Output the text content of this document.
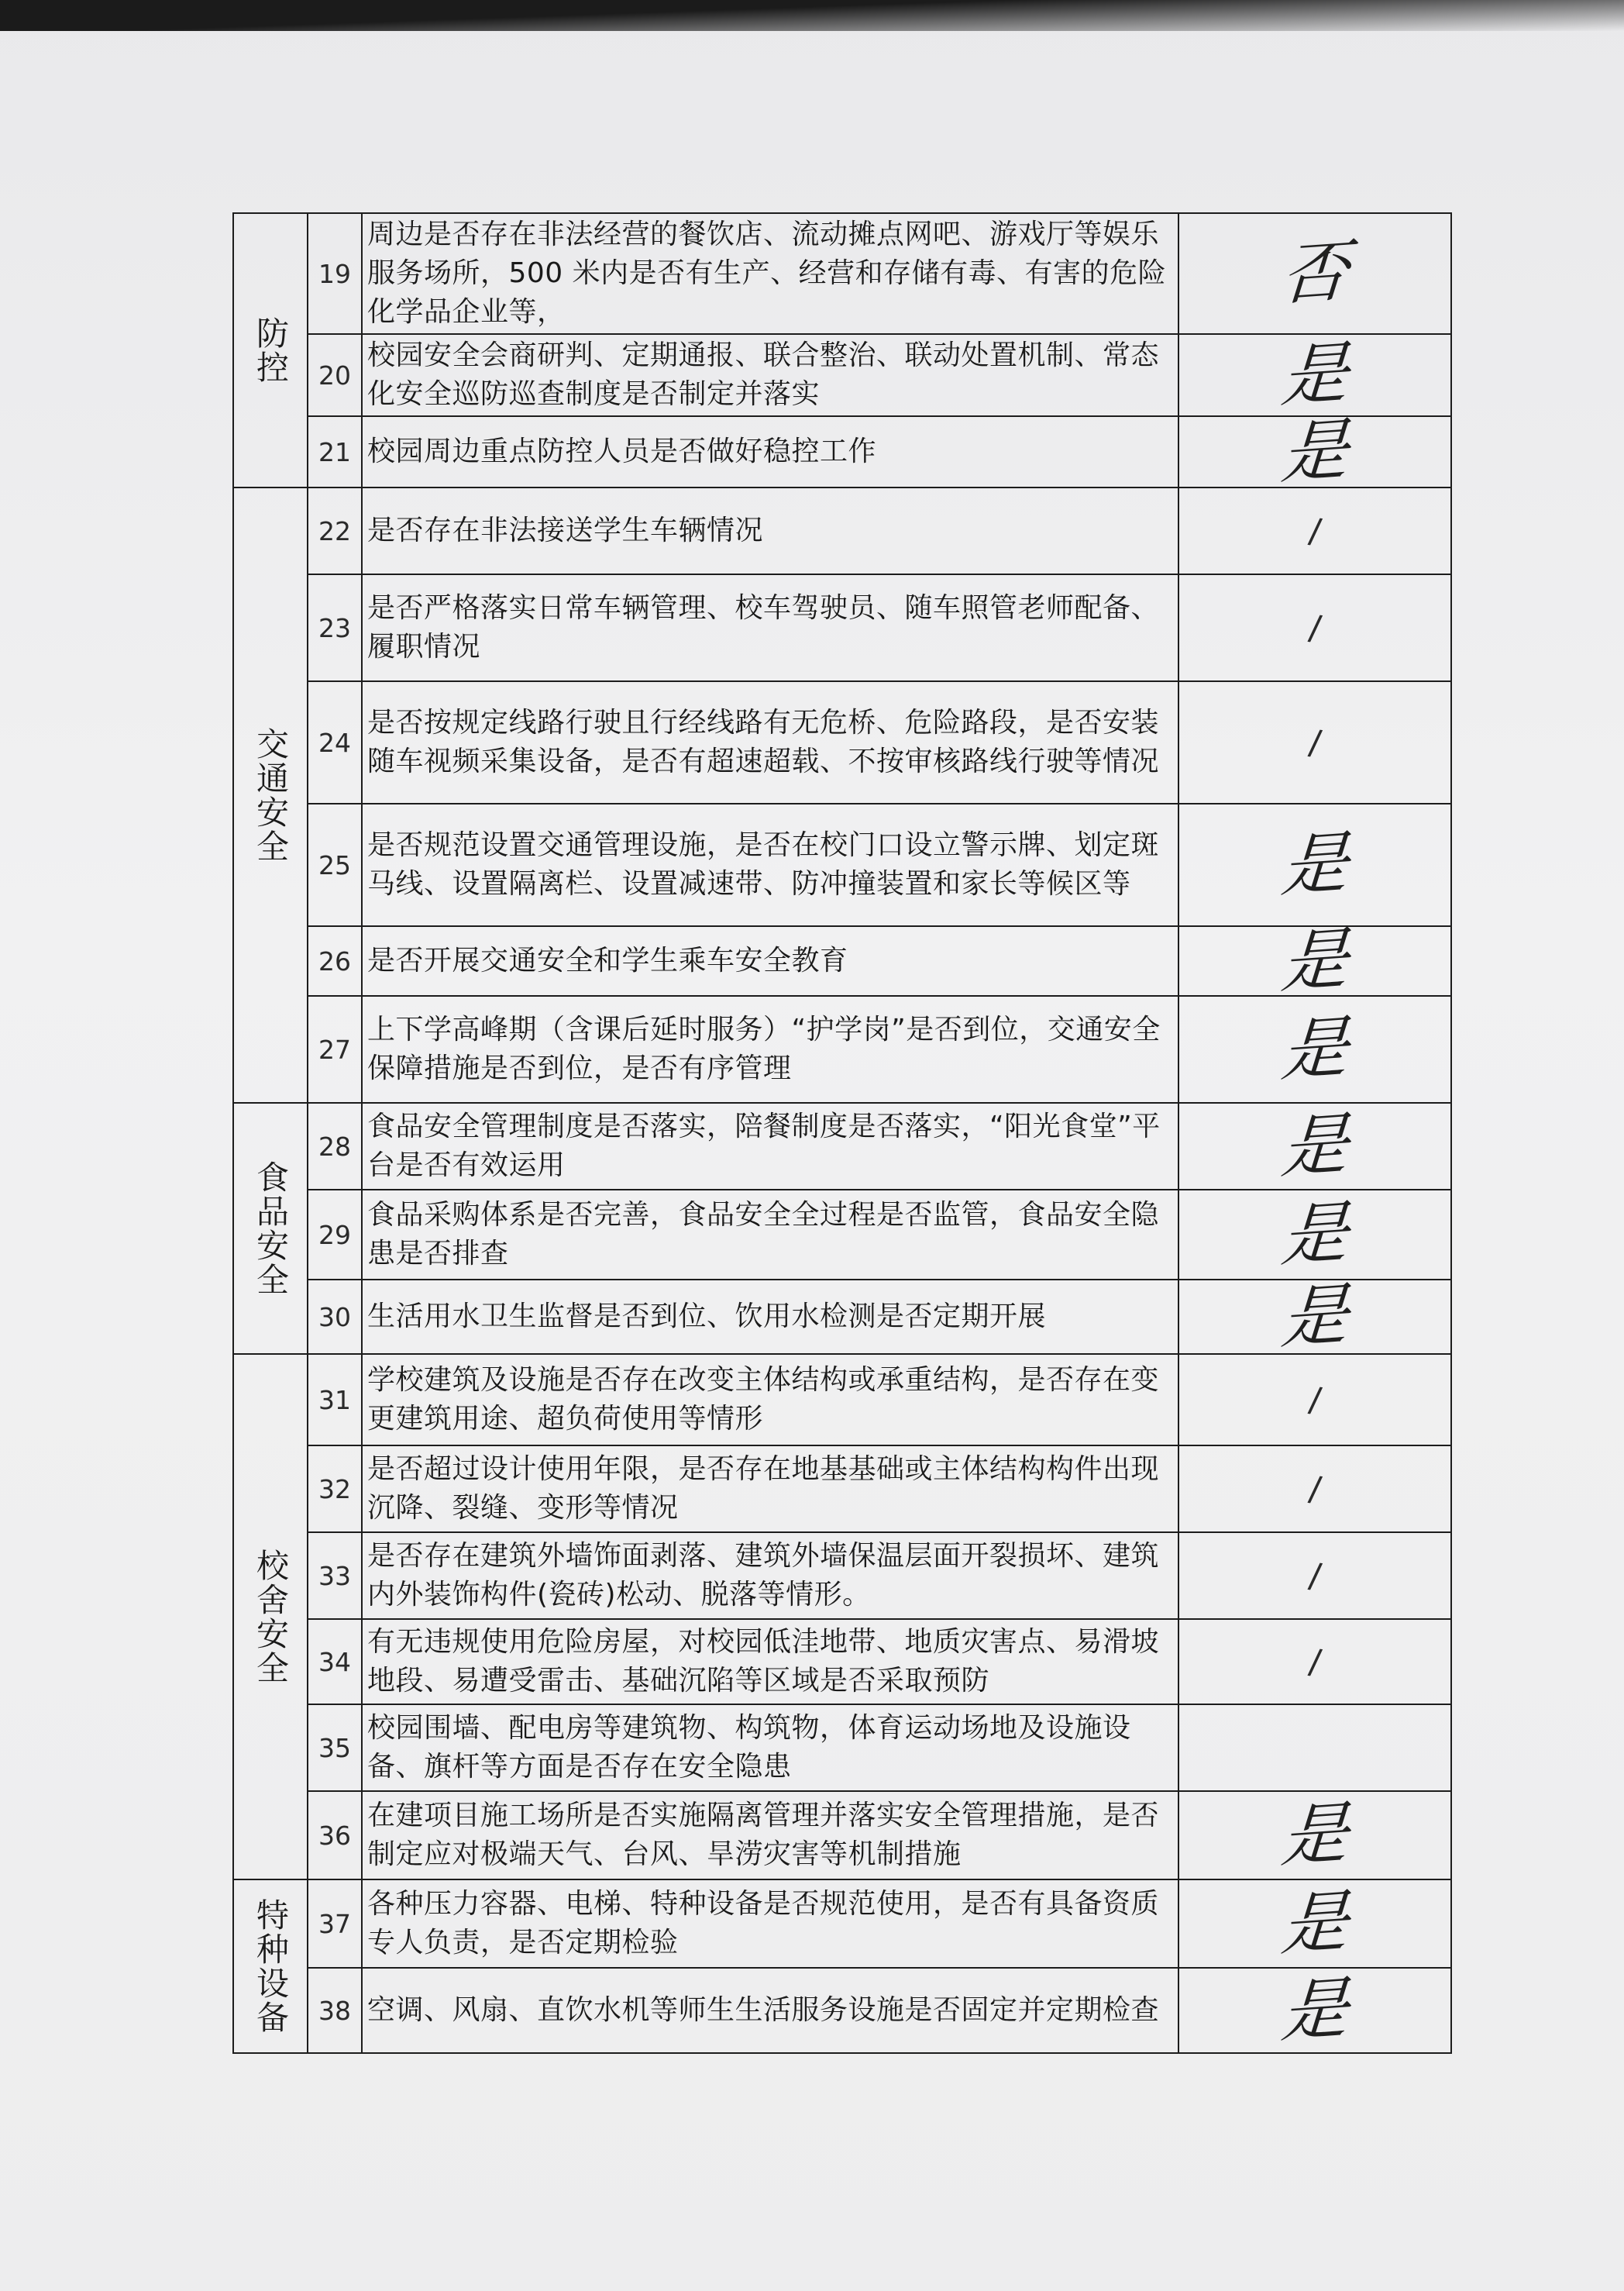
防控	19	周边是否存在非法经营的餐饮店、流动摊点网吧、游戏厅等娱乐服务场所，500 米内是否有生产、经营和存储有毒、有害的危险化学品企业等，	否
	20	校园安全会商研判、定期通报、联合整治、联动处置机制、常态化安全巡防巡查制度是否制定并落实	是
	21	校园周边重点防控人员是否做好稳控工作	是

交通安全	22	是否存在非法接送学生车辆情况	/
	23	是否严格落实日常车辆管理、校车驾驶员、随车照管老师配备、履职情况	/
	24	是否按规定线路行驶且行经线路有无危桥、危险路段，是否安装随车视频采集设备，是否有超速超载、不按审核路线行驶等情况	/
	25	是否规范设置交通管理设施，是否在校门口设立警示牌、划定斑马线、设置隔离栏、设置减速带、防冲撞装置和家长等候区等	是
	26	是否开展交通安全和学生乘车安全教育	是
	27	上下学高峰期（含课后延时服务）“护学岗”是否到位，交通安全保障措施是否到位，是否有序管理	是

食品安全	28	食品安全管理制度是否落实，陪餐制度是否落实，“阳光食堂”平台是否有效运用	是
	29	食品采购体系是否完善，食品安全全过程是否监管，食品安全隐患是否排查	是
	30	生活用水卫生监督是否到位、饮用水检测是否定期开展	是

校舍安全	31	学校建筑及设施是否存在改变主体结构或承重结构，是否存在变更建筑用途、超负荷使用等情形	/
	32	是否超过设计使用年限，是否存在地基基础或主体结构构件出现沉降、裂缝、变形等情况	/
	33	是否存在建筑外墙饰面剥落、建筑外墙保温层面开裂损坏、建筑内外装饰构件(瓷砖)松动、脱落等情形。	/
	34	有无违规使用危险房屋，对校园低洼地带、地质灾害点、易滑坡地段、易遭受雷击、基础沉陷等区域是否采取预防	/
	35	校园围墙、配电房等建筑物、构筑物，体育运动场地及设施设备、旗杆等方面是否存在安全隐患	
	36	在建项目施工场所是否实施隔离管理并落实安全管理措施，是否制定应对极端天气、台风、旱涝灾害等机制措施	是

特种设备	37	各种压力容器、电梯、特种设备是否规范使用，是否有具备资质专人负责，是否定期检验	是
	38	空调、风扇、直饮水机等师生生活服务设施是否固定并定期检查	是
